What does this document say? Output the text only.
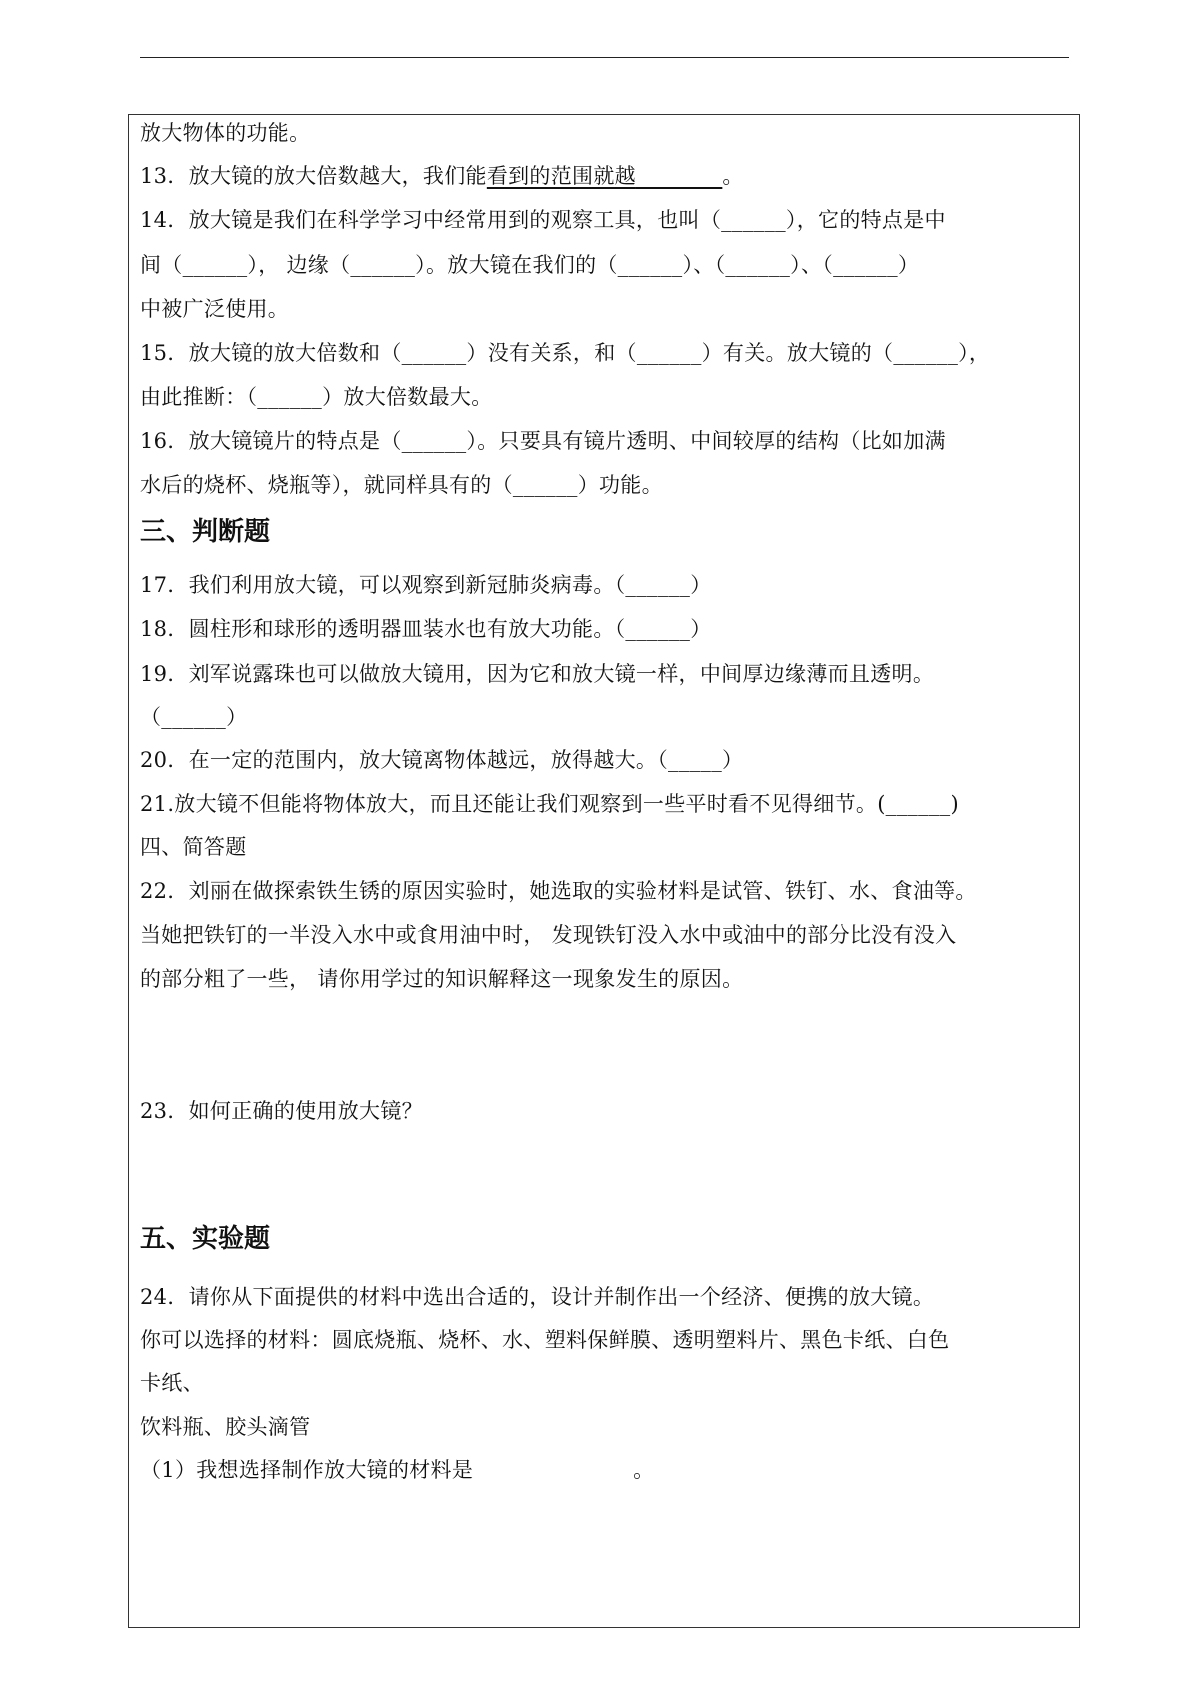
放大物体的功能。
13．放大镜的放大倍数越大，我们能看到的范围就越________。
14．放大镜是我们在科学学习中经常用到的观察工具，也叫（______），它的特点是中
间（______）， 边缘（______）。放大镜在我们的（______）、（______）、（______）
中被广泛使用。
15．放大镜的放大倍数和（______）没有关系，和（______）有关。放大镜的（______），
由此推断：（______）放大倍数最大。
16．放大镜镜片的特点是（______）。只要具有镜片透明、中间较厚的结构（比如加满
水后的烧杯、烧瓶等），就同样具有的（______）功能。
三、判断题
17．我们利用放大镜，可以观察到新冠肺炎病毒。（______）
18．圆柱形和球形的透明器皿装水也有放大功能。（______）
19．刘军说露珠也可以做放大镜用，因为它和放大镜一样，中间厚边缘薄而且透明。
（______）
20．在一定的范围内，放大镜离物体越远，放得越大。（_____）
21.放大镜不但能将物体放大，而且还能让我们观察到一些平时看不见得细节。(______)
四、简答题
22．刘丽在做探索铁生锈的原因实验时，她选取的实验材料是试管、铁钉、水、食油等。
当她把铁钉的一半没入水中或食用油中时， 发现铁钉没入水中或油中的部分比没有没入
的部分粗了一些， 请你用学过的知识解释这一现象发生的原因。
23．如何正确的使用放大镜？
五、实验题
24．请你从下面提供的材料中选出合适的，设计并制作出一个经济、便携的放大镜。
你可以选择的材料：圆底烧瓶、烧杯、水、塑料保鲜膜、透明塑料片、黑色卡纸、白色
卡纸、
饮料瓶、胶头滴管
（1）我想选择制作放大镜的材料是	。
